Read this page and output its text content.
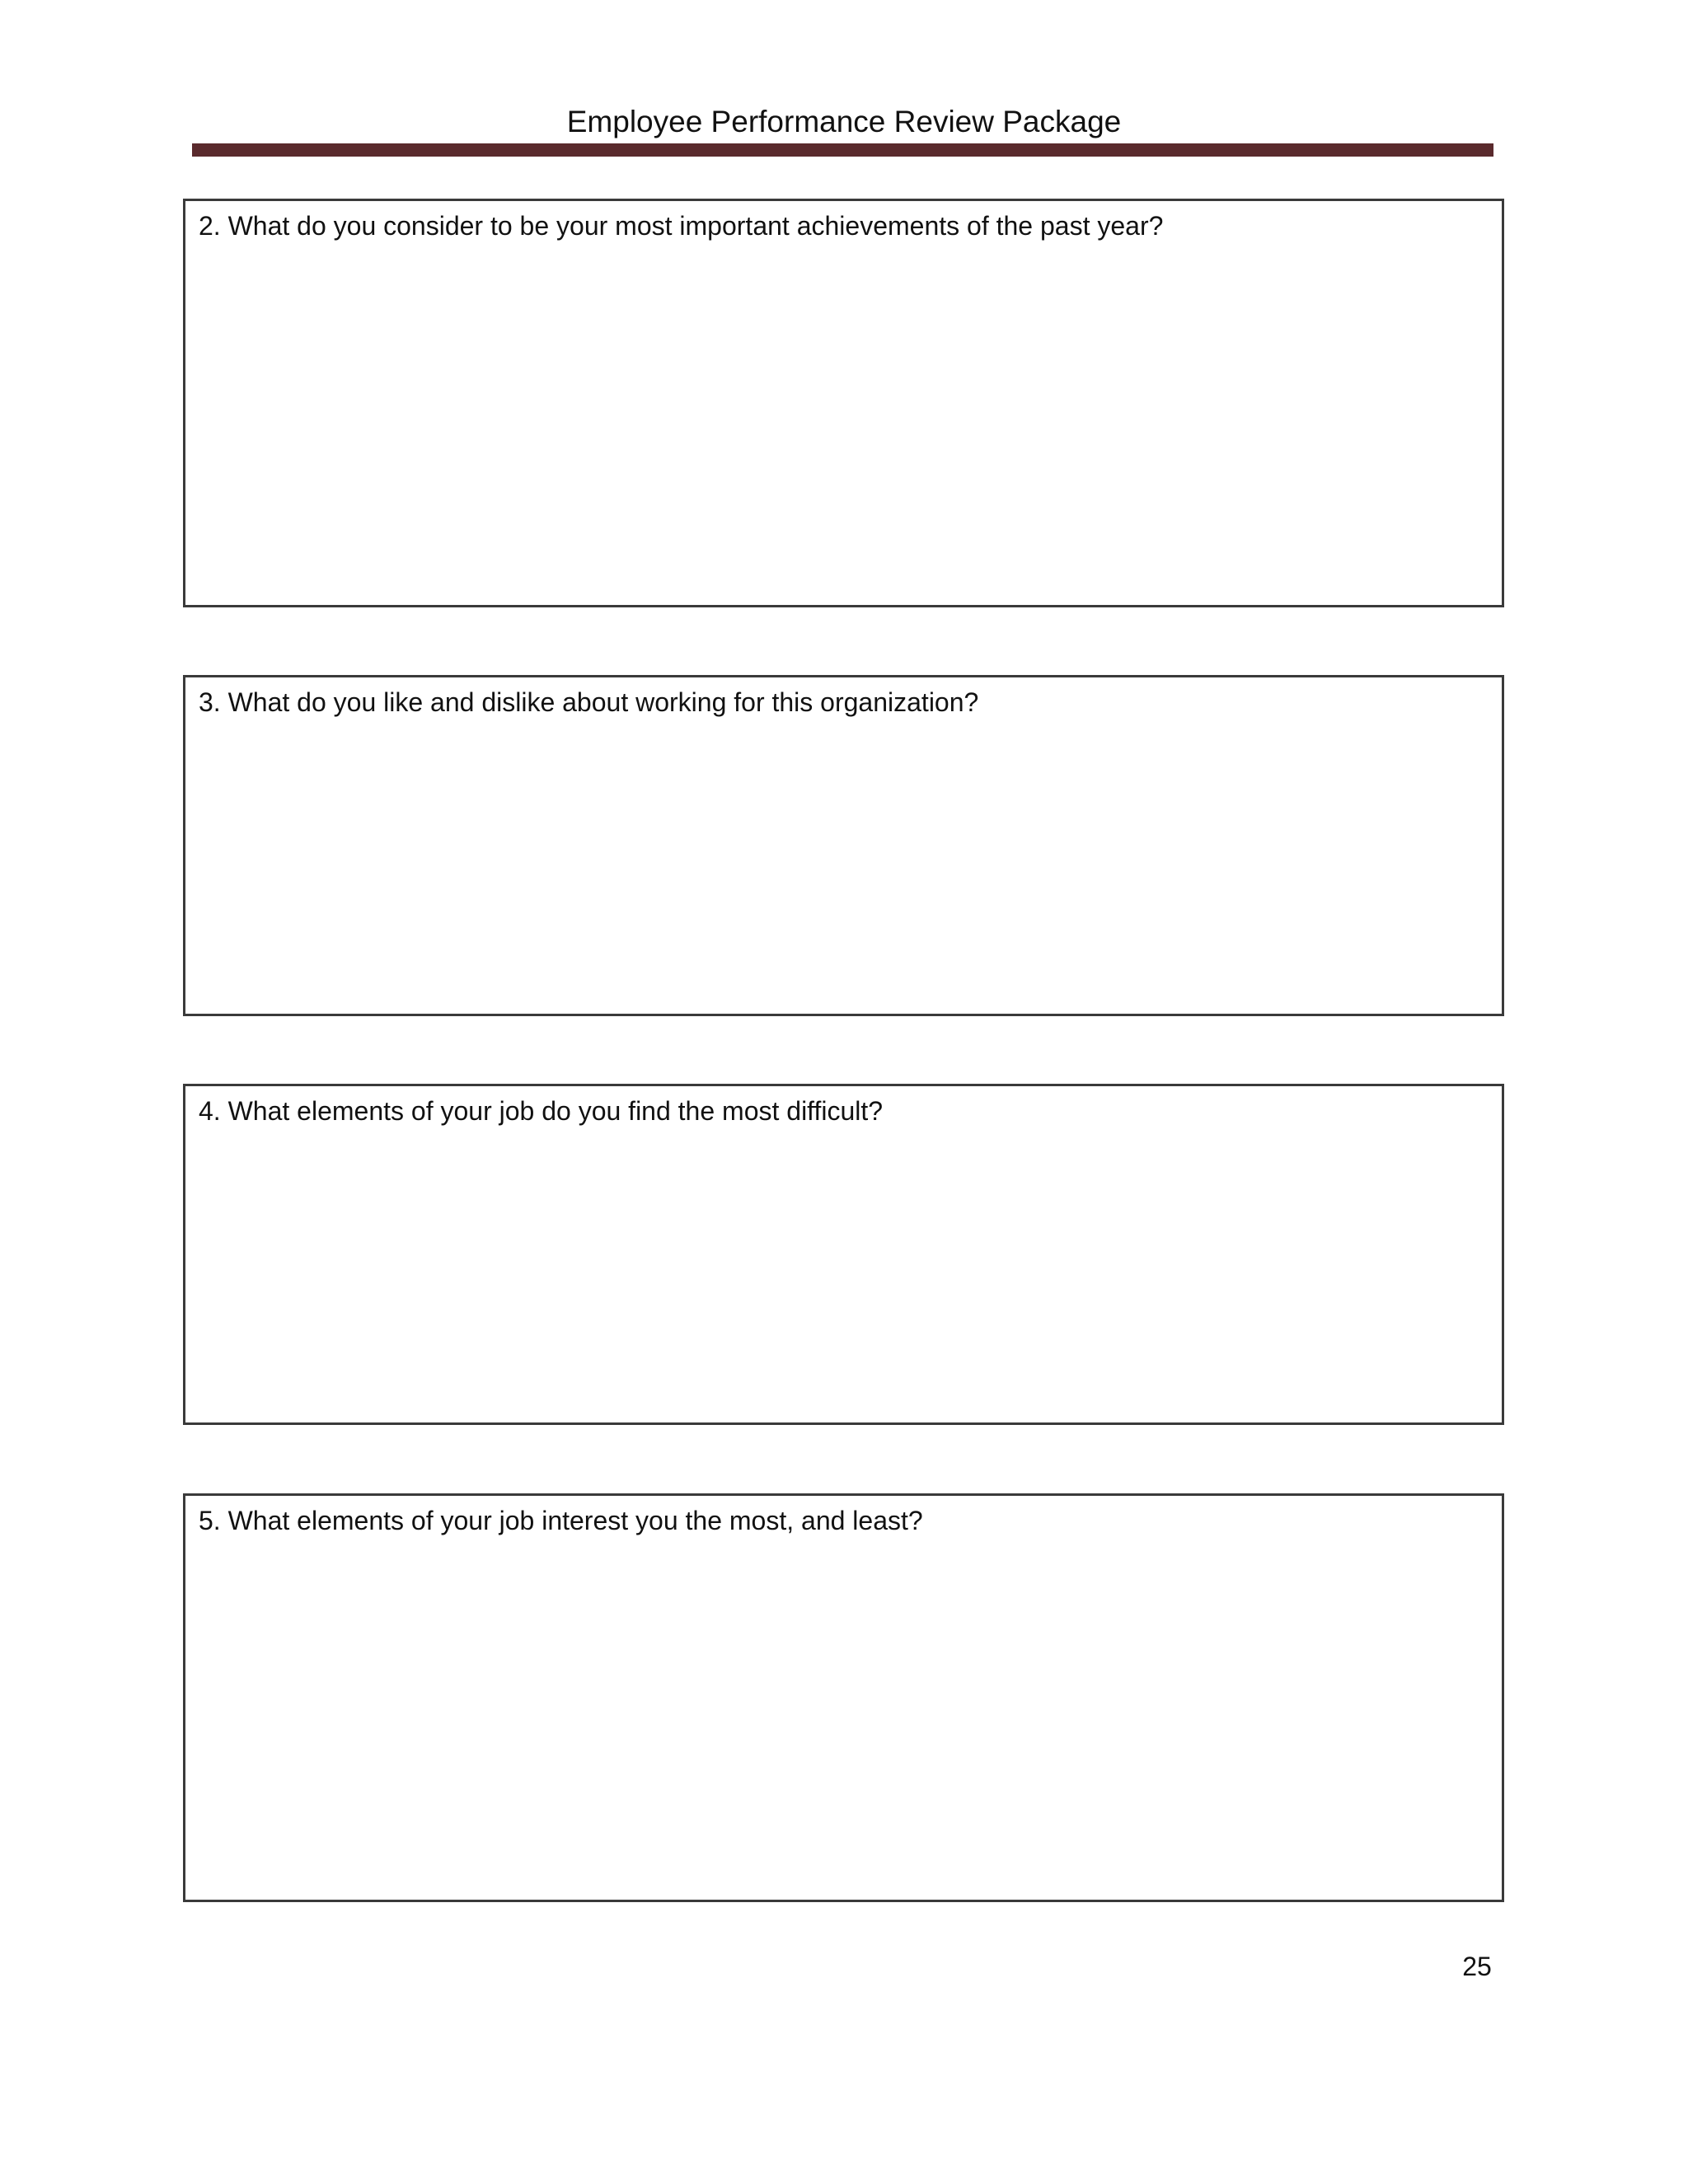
Employee Performance Review Package
2. What do you consider to be your most important achievements of the past year?
3. What do you like and dislike about working for this organization?
4. What elements of your job do you find the most difficult?
5. What elements of your job interest you the most, and least?
25
